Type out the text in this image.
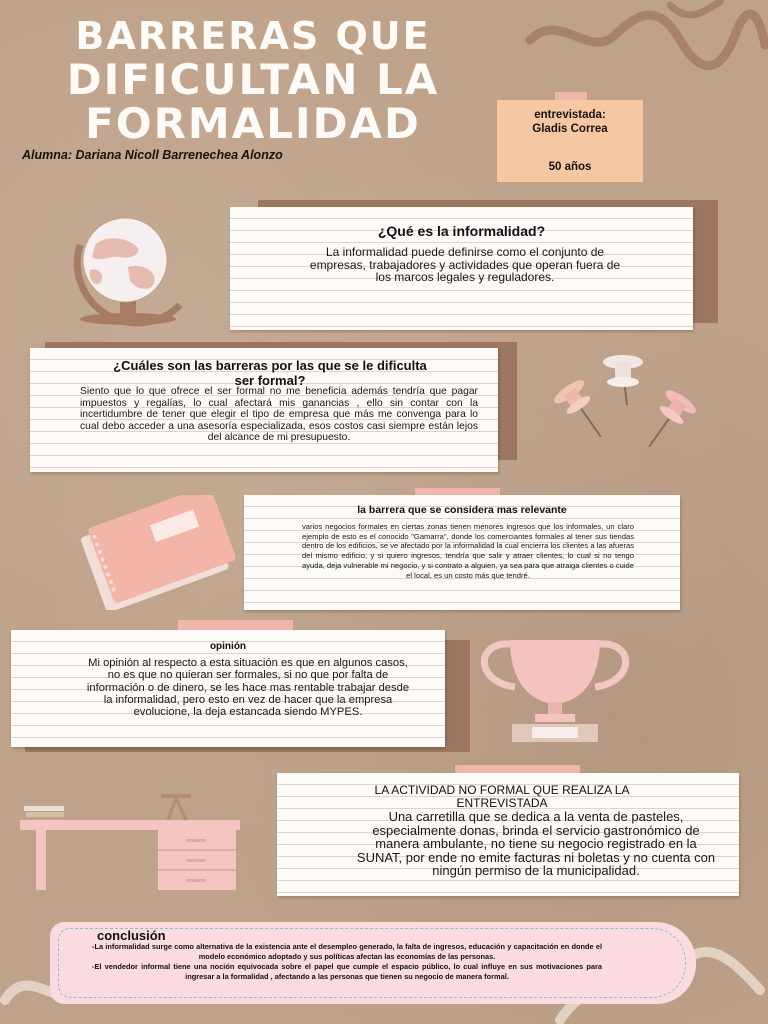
BARRERAS QUE
DIFICULTAN LA
FORMALIDAD
Alumna: Dariana Nicoll Barrenechea Alonzo
entrevistada:
Gladis Correa
50 años
¿Qué es la informalidad?
La informalidad puede definirse como el conjunto de empresas, trabajadores y actividades que operan fuera de los marcos legales y reguladores.
¿Cuáles son las barreras por las que se le dificulta ser formal?
Siento que lo que ofrece el ser formal no me beneficia además tendría que pagar impuestos y regalías, lo cual afectará mis ganancias , ello sin contar con la incertidumbre de tener que elegir el tipo de empresa que más me convenga para lo cual debo acceder a una asesoría especializada, esos costos casi siempre están lejos del alcance de mi presupuesto.
la barrera que se considera mas relevante
varios negocios formales en ciertas zonas tienen menores ingresos que los informales, un claro ejemplo de esto es el conocido "Gamarra", donde los comerciantes formales al tener sus tiendas dentro de los edificios, se ve afectado por la informalidad la cual encierra los clientes a las afueras del mismo edificio, y si quiero ingresos, tendría que salir y atraer clientes, lo cual si no tengo ayuda, deja vulnerable mi negocio, y si contrato a alguien, ya sea para que atraiga clientes o cuide el local, es un costo más que tendré.
opinión
Mi opinión al respecto a esta situación es que en algunos casos, no es que no quieran ser formales, si no que por falta de información o de dinero, se les hace mas rentable trabajar desde la informalidad, pero esto en vez de hacer que la empresa evolucione, la deja estancada siendo MYPES.
LA ACTIVIDAD NO FORMAL QUE REALIZA LA ENTREVISTADA
Una carretilla que se dedica a la venta de pasteles, especialmente donas, brinda el servicio gastronómico de manera ambulante, no tiene su negocio registrado en la SUNAT, por ende no emite facturas ni boletas y no cuenta con ningún permiso de la municipalidad.
conclusión
-La informalidad surge como alternativa de la existencia ante el desempleo generado, la falta de ingresos, educación y capacitación en donde el modelo económico adoptado y sus políticas afectan las economías de las personas.
-El vendedor informal tiene una noción equivocada sobre el papel que cumple el espacio público, lo cual influye en sus motivaciones para ingresar a la formalidad , afectando a las personas que tienen su negocio de manera formal.
